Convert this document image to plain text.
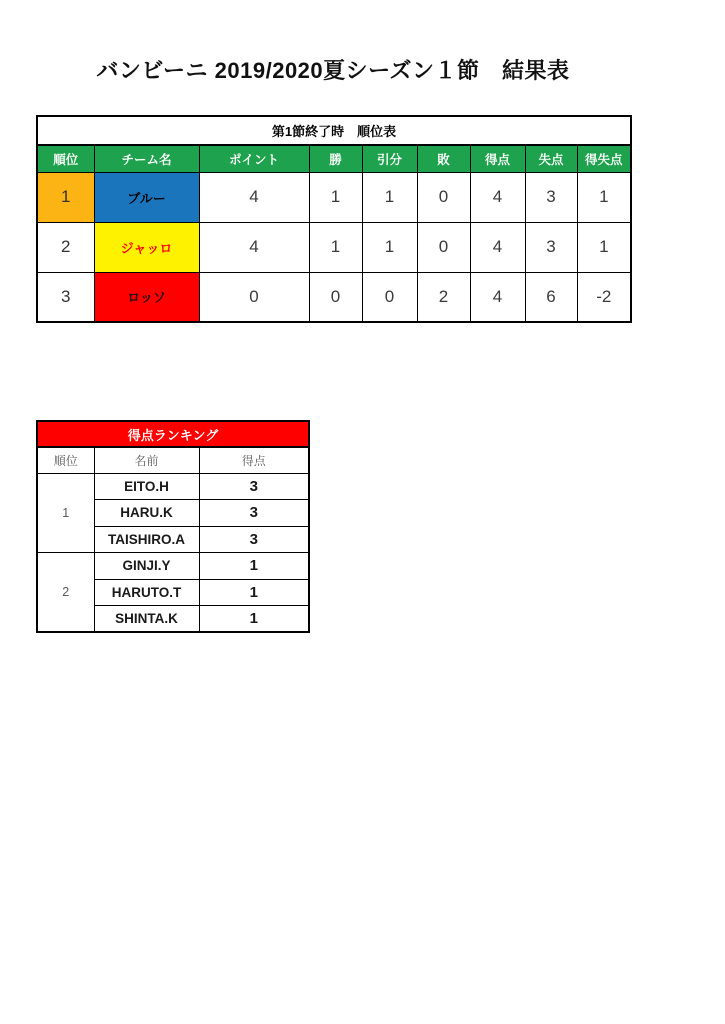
バンビーニ 2019/2020夏シーズン１節　結果表
第1節終了時　順位表								
順位	チーム名	ポイント	勝	引分	敗	得点	失点	得失点
1	ブルー	4	1	1	0	4	3	1
2	ジャッロ	4	1	1	0	4	3	1
3	ロッソ	0	0	0	2	4	6	-2
得点ランキング		
順位	名前	得点
1	EITO.H	3
	HARU.K	3
	TAISHIRO.A	3
2	GINJI.Y	1
	HARUTO.T	1
	SHINTA.K	1
